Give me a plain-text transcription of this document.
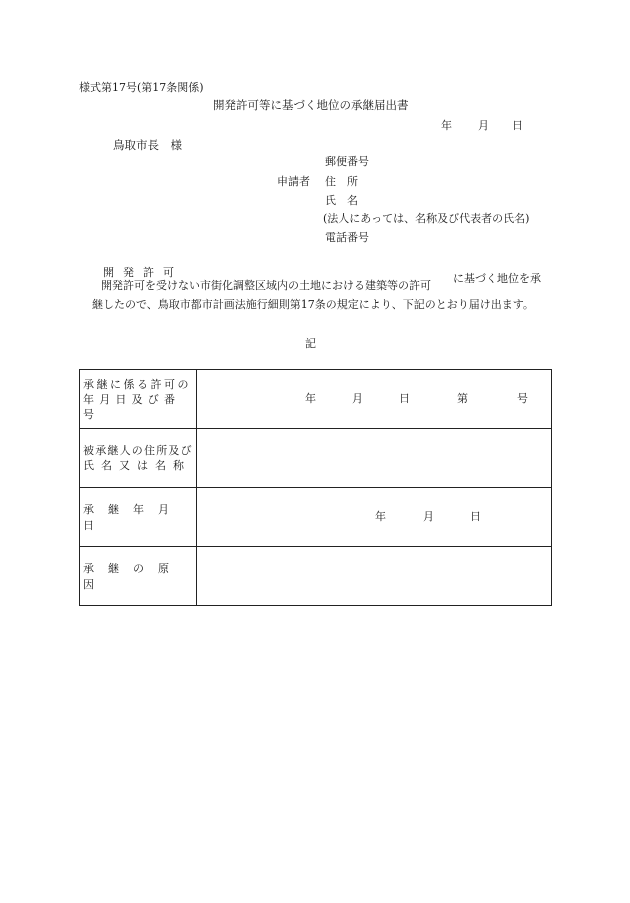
様式第17号(第17条関係)
開発許可等に基づく地位の承継届出書
年 月 日
鳥取市長　様
郵便番号
申請者 住　所
氏　名
(法人にあっては、名称及び代表者の氏名)
電話番号
開発許可
開発許可を受けない市街化調整区域内の土地における建築等の許可
に基づく地位を承
継したので、鳥取市都市計画法施行細則第17条の規定により、下記のとおり届け出ます。
記
承継に係る許可の
年月日及び番号	年 月 日 第 号

被承継人の住所及び
氏名又は名称	

承継年月日	年 月 日

承継の原因	
